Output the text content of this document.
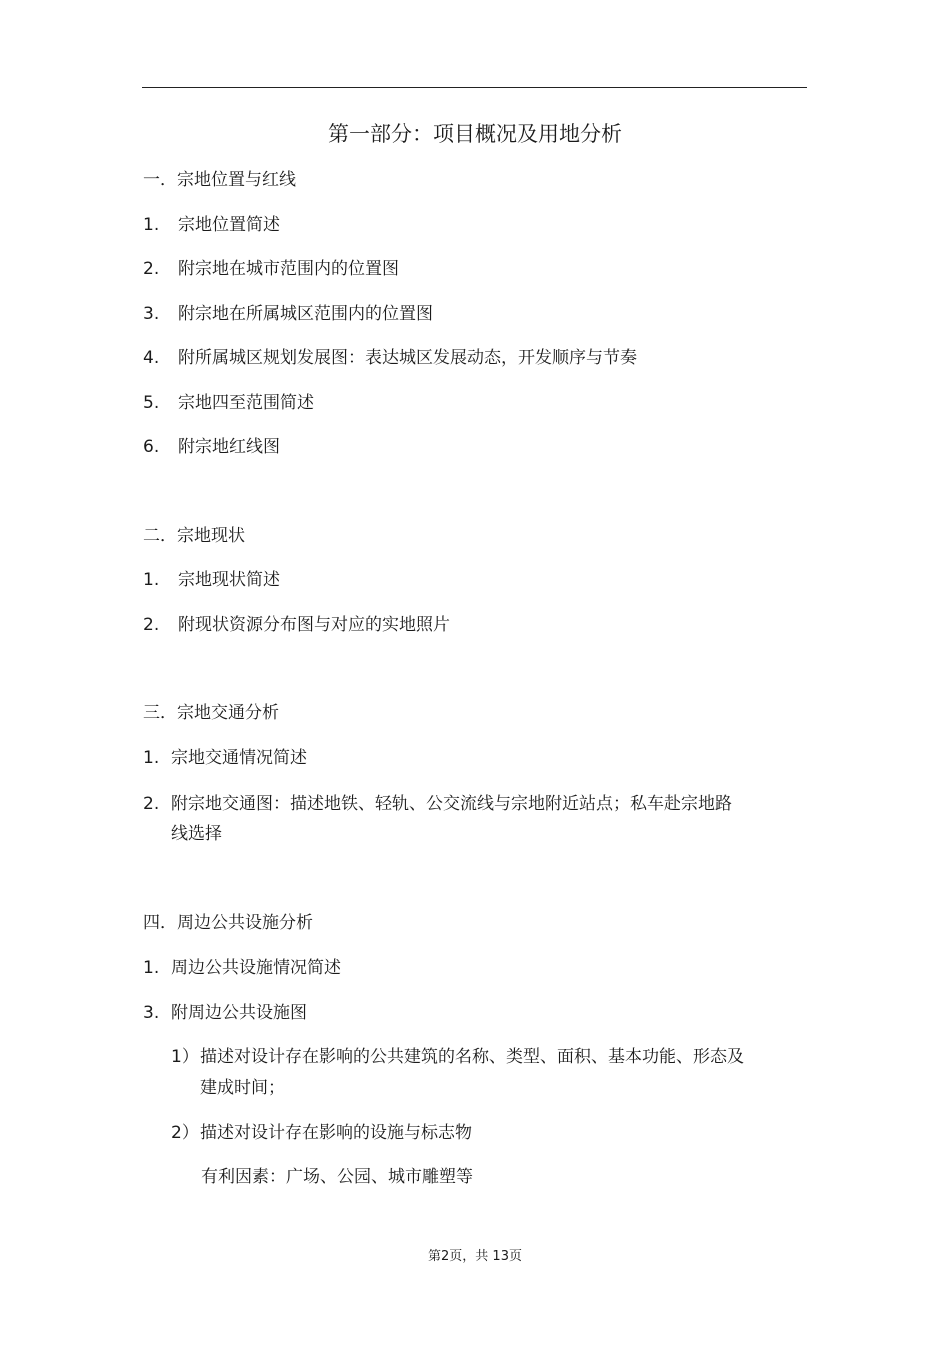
第一部分：项目概况及用地分析
一．宗地位置与红线
1. 宗地位置简述
2. 附宗地在城市范围内的位置图
3. 附宗地在所属城区范围内的位置图
4. 附所属城区规划发展图：表达城区发展动态，开发顺序与节奏
5. 宗地四至范围简述
6. 附宗地红线图
二．宗地现状
1. 宗地现状简述
2. 附现状资源分布图与对应的实地照片
三．宗地交通分析
1. 宗地交通情况简述
2. 附宗地交通图：描述地铁、轻轨、公交流线与宗地附近站点；私车赴宗地路
线选择
四．周边公共设施分析
1. 周边公共设施情况简述
3. 附周边公共设施图
1）描述对设计存在影响的公共建筑的名称、类型、面积、基本功能、形态及
建成时间；
2）描述对设计存在影响的设施与标志物
有利因素：广场、公园、城市雕塑等
第2页，共 13页
